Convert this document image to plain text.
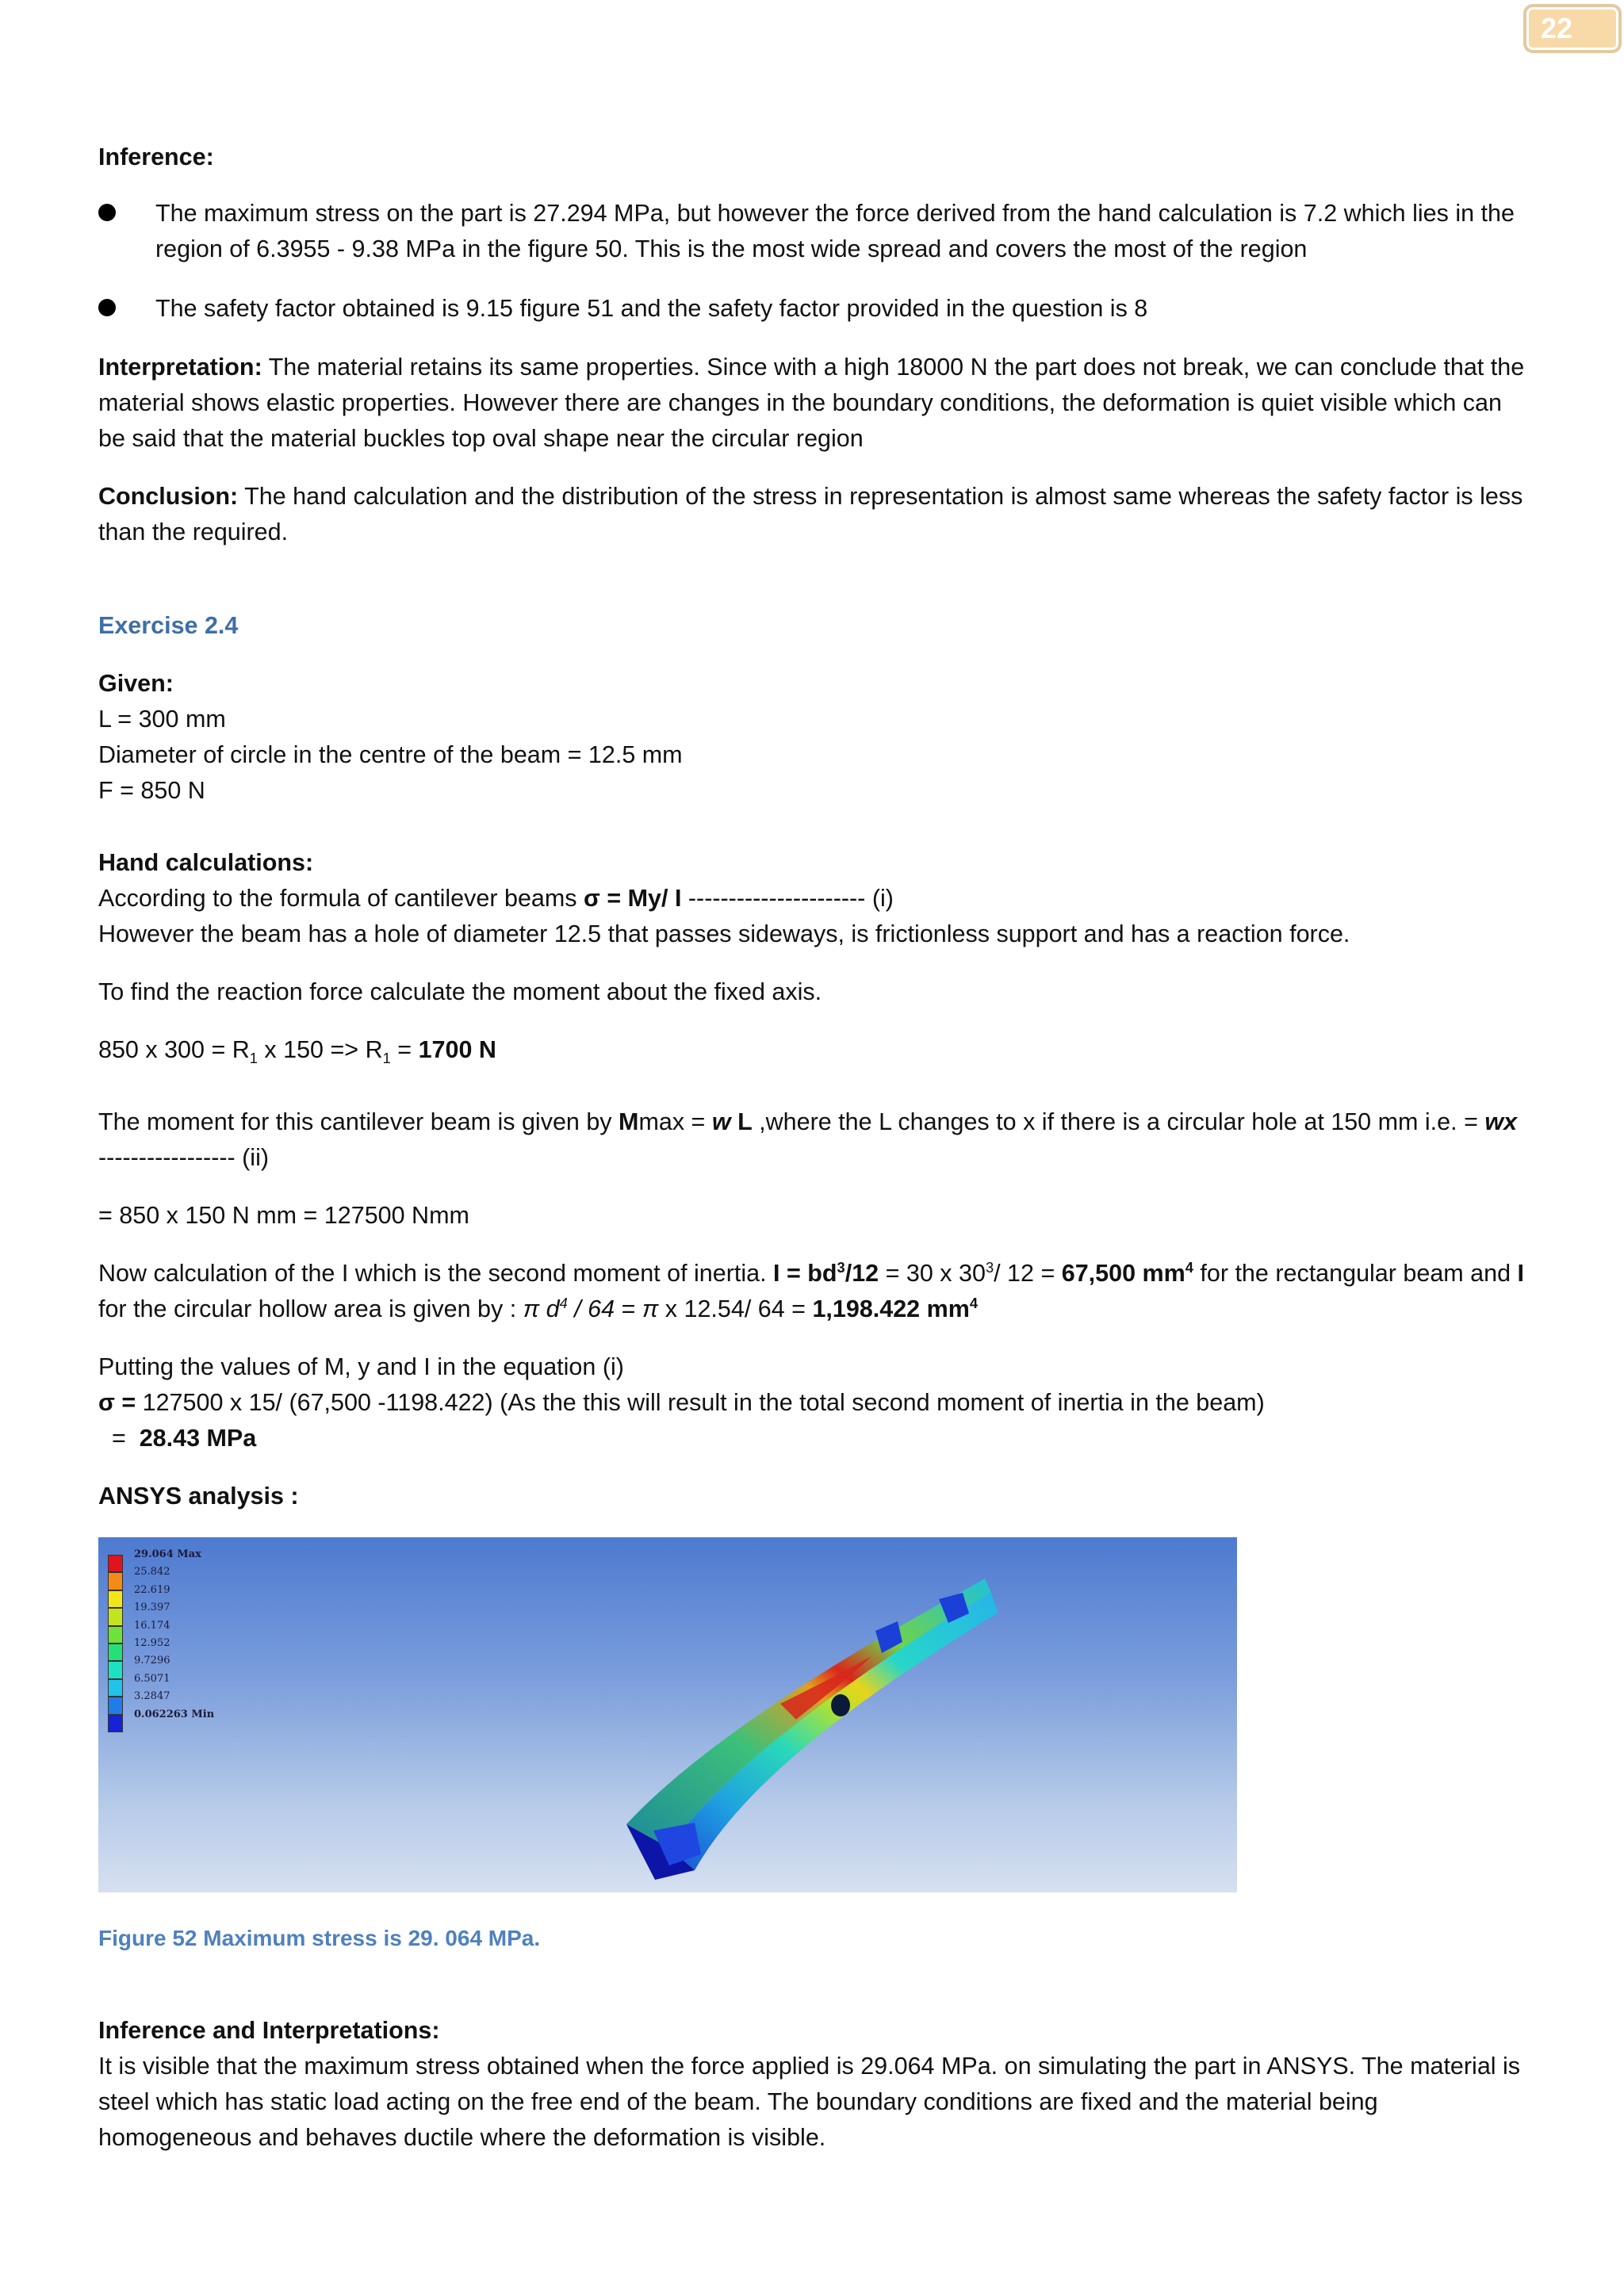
22

Inference:

The maximum stress on the part is 27.294 MPa, but however the force derived from the hand calculation is 7.2 which lies in the region of 6.3955 - 9.38 MPa in the figure 50. This is the most wide spread and covers the most of the region

The safety factor obtained is 9.15 figure 51 and the safety factor provided in the question is 8

Interpretation: The material retains its same properties. Since with a high 18000 N the part does not break, we can conclude that the material shows elastic properties. However there are changes in the boundary conditions, the deformation is quiet visible which can be said that the material buckles top oval shape near the circular region

Conclusion: The hand calculation and the distribution of the stress in representation is almost same whereas the safety factor is less than the required.

Exercise 2.4

Given:

L = 300 mm

Diameter of circle in the centre of the beam = 12.5 mm

F = 850 N

Hand calculations:

According to the formula of cantilever beams σ = My/ I ---------------------- (i)

However the beam has a hole of diameter 12.5 that passes sideways, is frictionless support and has a reaction force.

To find the reaction force calculate the moment about the fixed axis.

850 x $300 = R_1$ x $150 => R_1 = 1700$ N

The moment for this cantilever beam is given by Mmax = w L ,where the L changes to x if there is a circular hole at 150 mm i.e. = wx ----------------- (ii)

= 850 x 150 N mm = 127500 Nmm

Now calculation of the I which is the second moment of inertia. $I = bd^3/12 = 30$ x $30^3/$ 12 = 67,500 $mm^4$ for the rectangular beam and I for the circular hollow area is given by : π $d^4 / 64 = \pi$ x 12.54/ 64 = 1,198.422 $mm^4$

Putting the values of M, y and I in the equation (i)

σ = 127500 x 15/ (67,500 -1198.422) (As the this will result in the total second moment of inertia in the beam)

=  28.43 MPa

ANSYS analysis :

29.064 Max
25.842
22.619
19.397
16.174
12.952
9.7296
6.5071
3.2847
0.062263 Min

Figure 52 Maximum stress is 29. 064 MPa.

Inference and Interpretations:

It is visible that the maximum stress obtained when the force applied is 29.064 MPa. on simulating the part in ANSYS. The material is steel which has static load acting on the free end of the beam. The boundary conditions are fixed and the material being homogeneous and behaves ductile where the deformation is visible.
